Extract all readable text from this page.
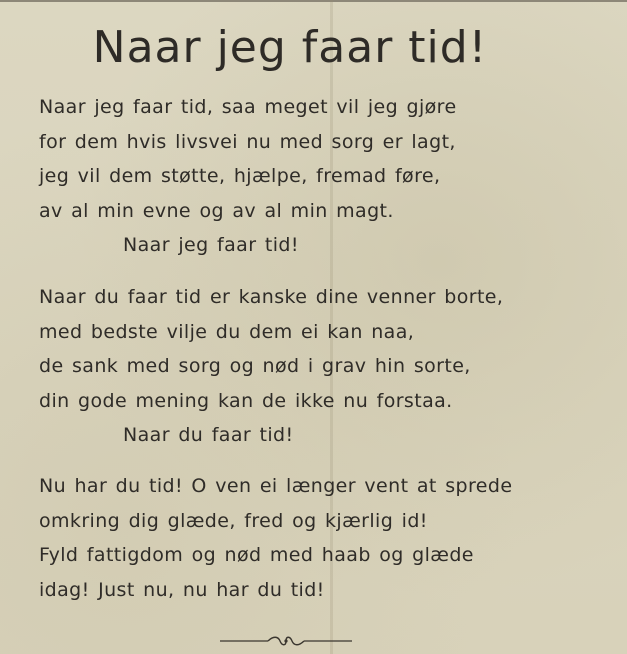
Naar jeg faar tid!
Naar jeg faar tid, saa meget vil jeg gjøre
for dem hvis livsvei nu med sorg er lagt,
jeg vil dem støtte, hjælpe, fremad føre,
av al min evne og av al min magt.
Naar jeg faar tid!
Naar du faar tid er kanske dine venner borte,
med bedste vilje du dem ei kan naa,
de sank med sorg og nød i grav hin sorte,
din gode mening kan de ikke nu forstaa.
Naar du faar tid!
Nu har du tid! O ven ei længer vent at sprede
omkring dig glæde, fred og kjærlig id!
Fyld fattigdom og nød med haab og glæde
idag! Just nu, nu har du tid!
